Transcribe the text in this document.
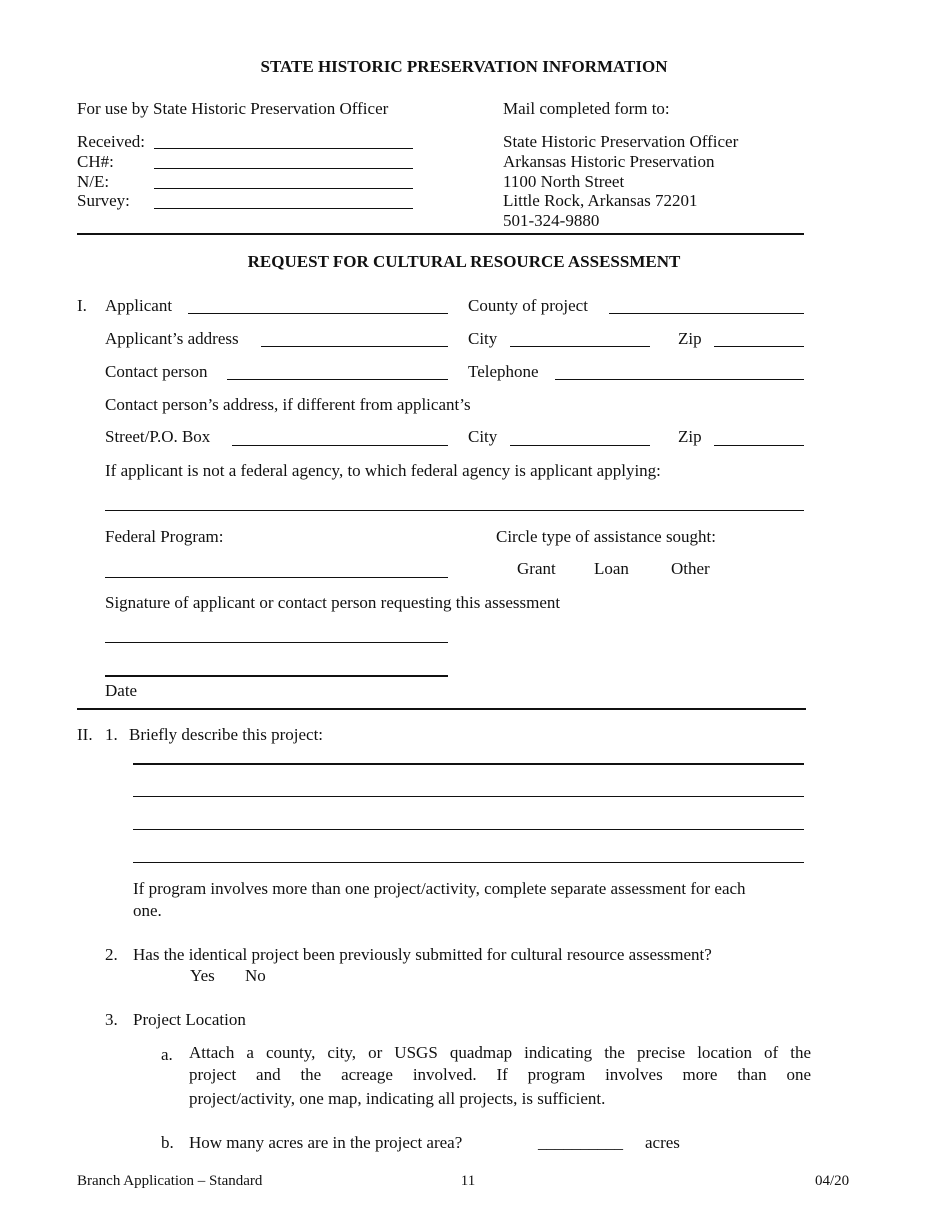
STATE HISTORIC PRESERVATION INFORMATION
For use by State Historic Preservation Officer
Received:
CH#:
N/E:
Survey:
Mail completed form to:
State Historic Preservation Officer
Arkansas Historic Preservation
1100 North Street
Little Rock, Arkansas 72201
501-324-9880
REQUEST FOR CULTURAL RESOURCE ASSESSMENT
I. Applicant	County of project
Applicant’s address	City	Zip
Contact person	Telephone
Contact person’s address, if different from applicant’s
Street/P.O. Box	City	Zip
If applicant is not a federal agency, to which federal agency is applicant applying:
Federal Program:	Circle type of assistance sought:
Grant Loan Other
Signature of applicant or contact person requesting this assessment
Date
II. 1. Briefly describe this project:
If program involves more than one project/activity, complete separate assessment for each
one.
2. Has the identical project been previously submitted for cultural resource assessment?
Yes No
3. Project Location
a. Attach a county, city, or USGS quadmap indicating the precise location of the
project and the acreage involved. If program involves more than one
project/activity, one map, indicating all projects, is sufficient.
b. How many acres are in the project area?	__________ acres
Branch Application – Standard	11	04/20
